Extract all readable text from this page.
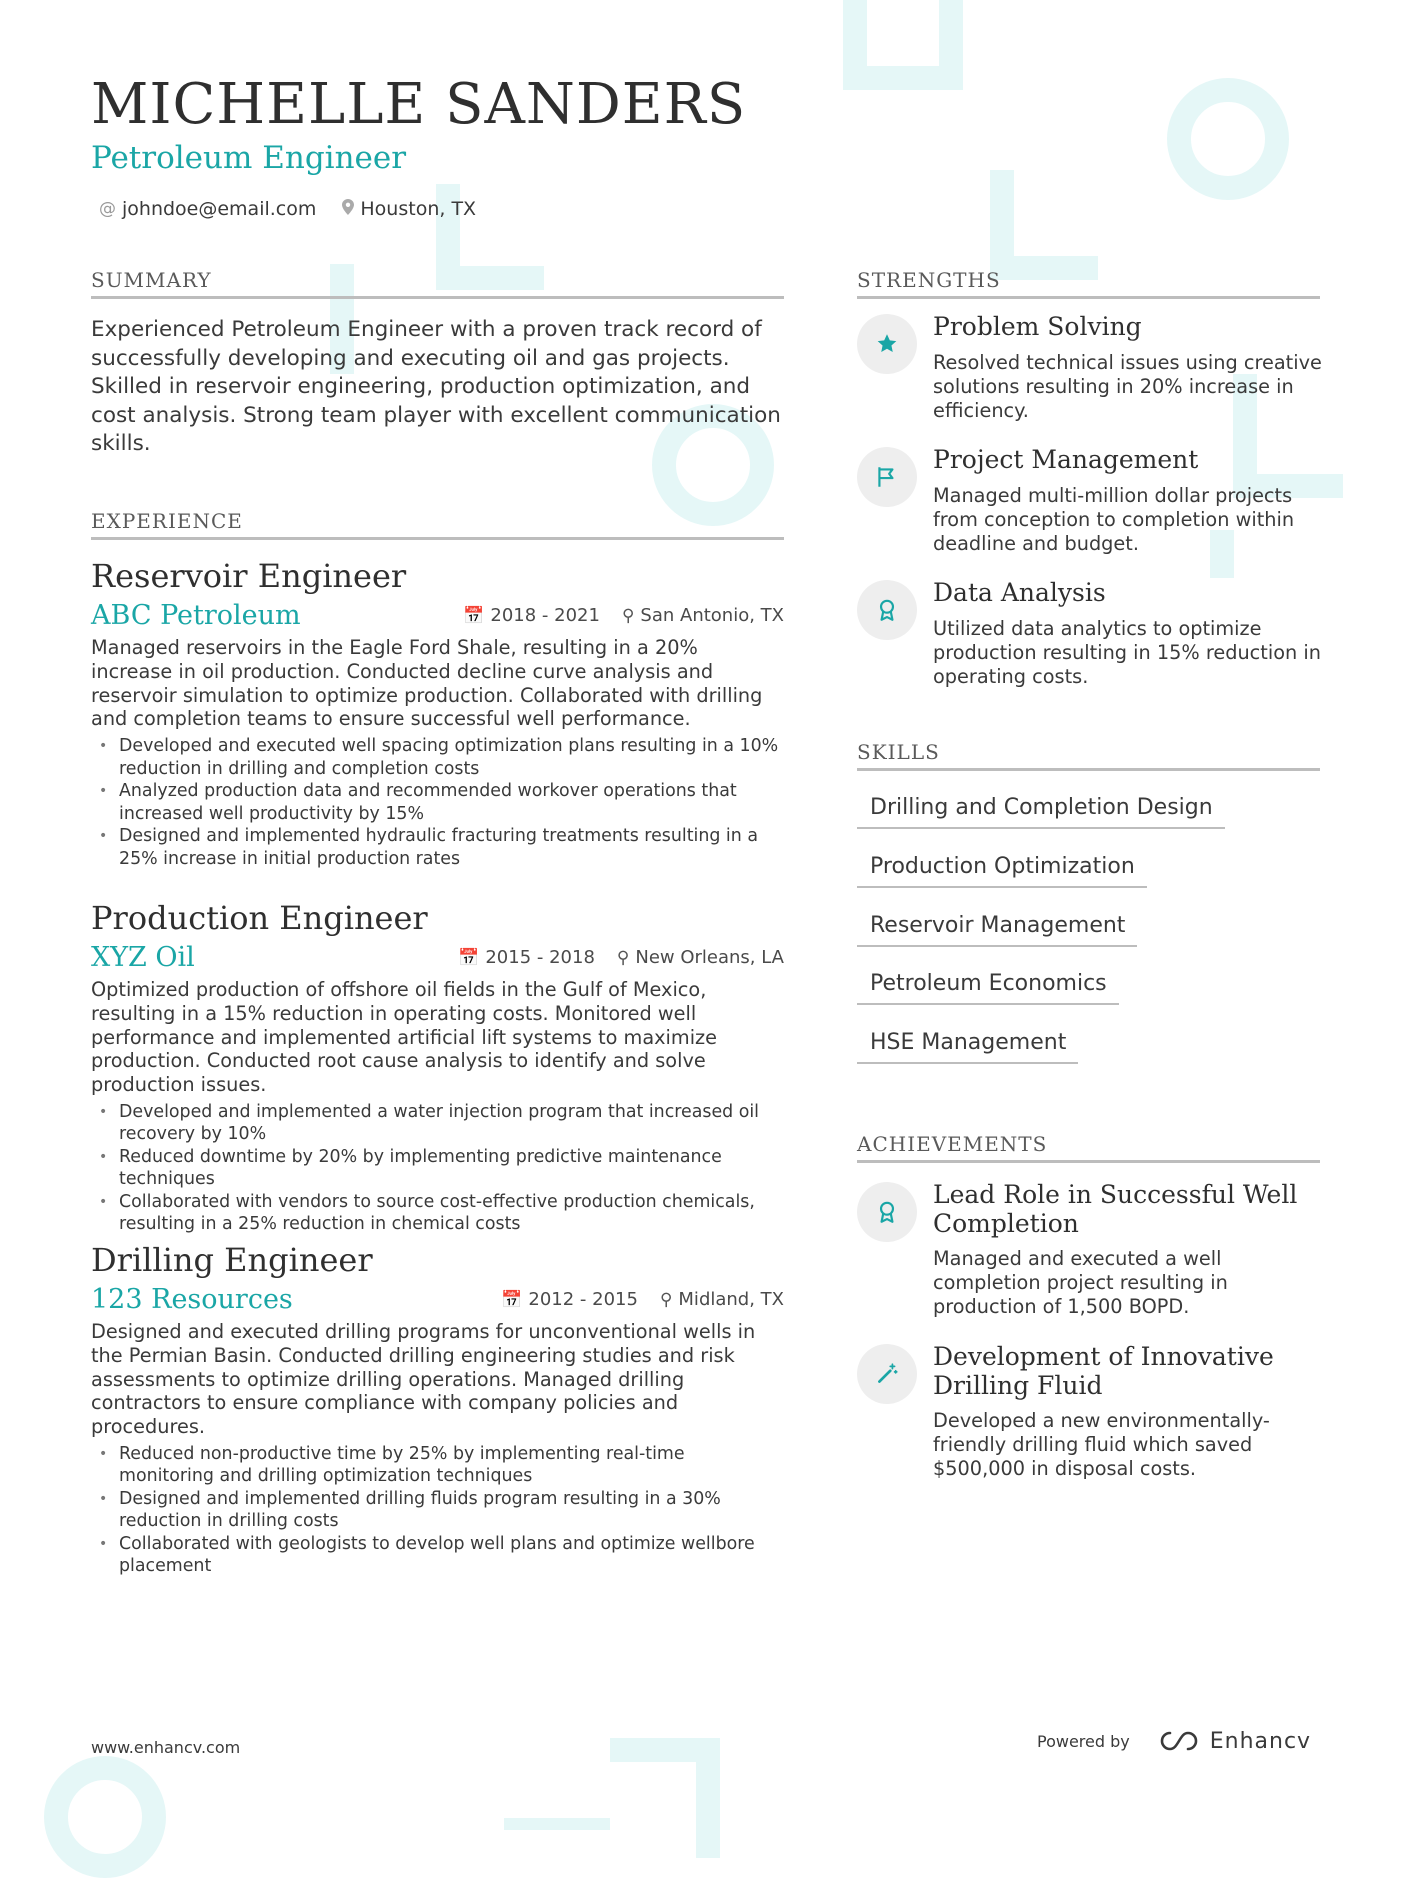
MICHELLE SANDERS
Petroleum Engineer
@ johndoe@email.com Houston, TX
SUMMARY
EXPERIENCE
STRENGTHS
SKILLS
ACHIEVEMENTS
Experienced Petroleum Engineer with a proven track record of successfully developing and executing oil and gas projects. Skilled in reservoir engineering, production optimization, and cost analysis. Strong team player with excellent communication skills.
Reservoir Engineer
ABC Petroleum	📅 2018 - 2021 ⚲ San Antonio, TX
Managed reservoirs in the Eagle Ford Shale, resulting in a 20% increase in oil production. Conducted decline curve analysis and reservoir simulation to optimize production. Collaborated with drilling and completion teams to ensure successful well performance.
• Developed and executed well spacing optimization plans resulting in a 10% reduction in drilling and completion costs
• Analyzed production data and recommended workover operations that increased well productivity by 15%
• Designed and implemented hydraulic fracturing treatments resulting in a 25% increase in initial production rates
Production Engineer
XYZ Oil	📅 2015 - 2018 ⚲ New Orleans, LA
Optimized production of offshore oil fields in the Gulf of Mexico, resulting in a 15% reduction in operating costs. Monitored well performance and implemented artificial lift systems to maximize production. Conducted root cause analysis to identify and solve production issues.
• Developed and implemented a water injection program that increased oil recovery by 10%
• Reduced downtime by 20% by implementing predictive maintenance techniques
• Collaborated with vendors to source cost-effective production chemicals, resulting in a 25% reduction in chemical costs
Drilling Engineer
123 Resources	📅 2012 - 2015 ⚲ Midland, TX
Designed and executed drilling programs for unconventional wells in the Permian Basin. Conducted drilling engineering studies and risk assessments to optimize drilling operations. Managed drilling contractors to ensure compliance with company policies and procedures.
• Reduced non-productive time by 25% by implementing real-time monitoring and drilling optimization techniques
• Designed and implemented drilling fluids program resulting in a 30% reduction in drilling costs
• Collaborated with geologists to develop well plans and optimize wellbore placement
Problem Solving
Resolved technical issues using creative solutions resulting in 20% increase in efficiency.
Project Management
Managed multi-million dollar projects from conception to completion within deadline and budget.
Data Analysis
Utilized data analytics to optimize production resulting in 15% reduction in operating costs.
Drilling and Completion Design
Production Optimization
Reservoir Management
Petroleum Economics
HSE Management
Lead Role in Successful Well Completion
Managed and executed a well completion project resulting in production of 1,500 BOPD.
Development of Innovative Drilling Fluid
Developed a new environmentally-friendly drilling fluid which saved $500,000 in disposal costs.
www.enhancv.com	Powered by	Enhancv
